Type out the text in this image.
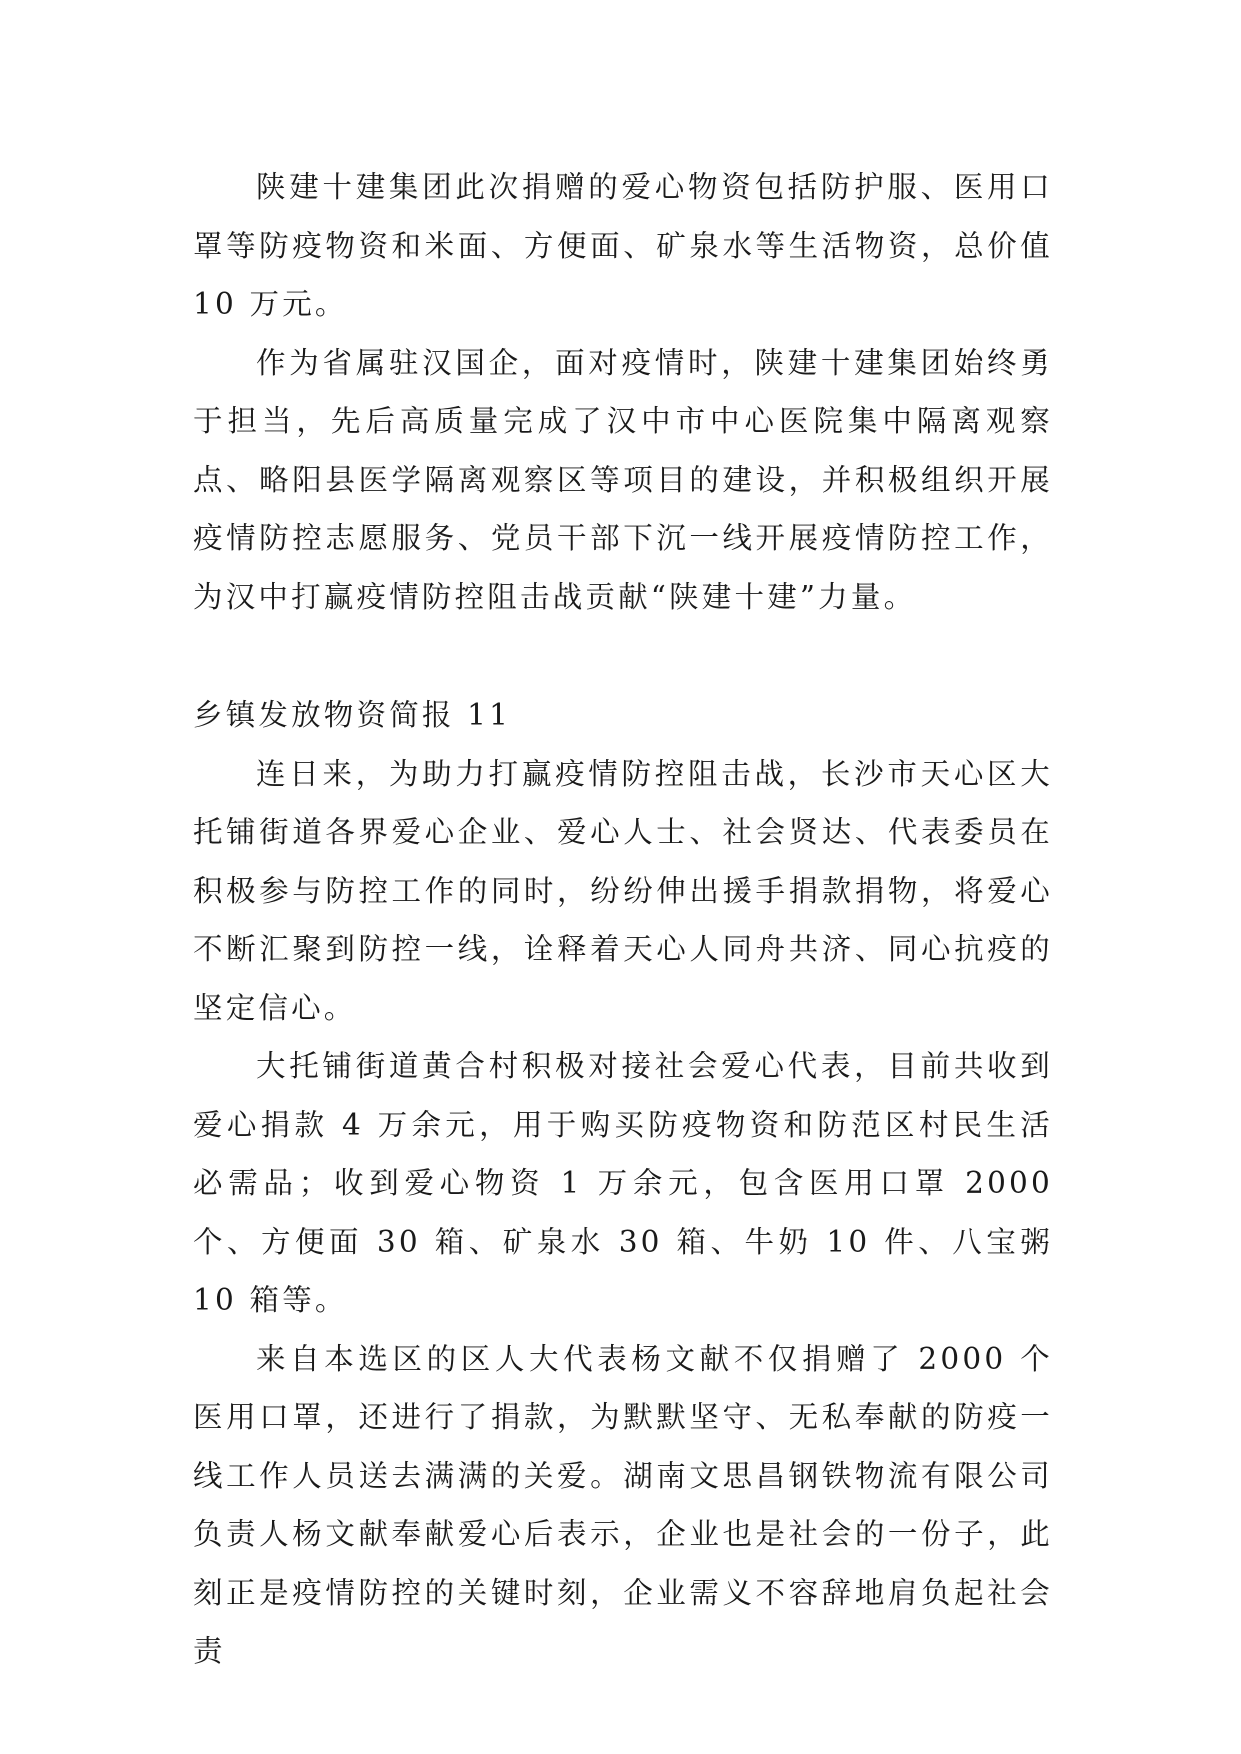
陕建十建集团此次捐赠的爱心物资包括防护服、医用口罩等防疫物资和米面、方便面、矿泉水等生活物资，总价值 10 万元。

作为省属驻汉国企，面对疫情时，陕建十建集团始终勇于担当，先后高质量完成了汉中市中心医院集中隔离观察点、略阳县医学隔离观察区等项目的建设，并积极组织开展疫情防控志愿服务、党员干部下沉一线开展疫情防控工作，为汉中打赢疫情防控阻击战贡献“陕建十建”力量。

乡镇发放物资简报 11

连日来，为助力打赢疫情防控阻击战，长沙市天心区大托铺街道各界爱心企业、爱心人士、社会贤达、代表委员在积极参与防控工作的同时，纷纷伸出援手捐款捐物，将爱心不断汇聚到防控一线，诠释着天心人同舟共济、同心抗疫的坚定信心。

大托铺街道黄合村积极对接社会爱心代表，目前共收到爱心捐款 4 万余元，用于购买防疫物资和防范区村民生活必需品；收到爱心物资 1 万余元，包含医用口罩 2000 个、方便面 30 箱、矿泉水 30 箱、牛奶 10 件、八宝粥 10 箱等。

来自本选区的区人大代表杨文献不仅捐赠了 2000 个医用口罩，还进行了捐款，为默默坚守、无私奉献的防疫一线工作人员送去满满的关爱。湖南文思昌钢铁物流有限公司负责人杨文献奉献爱心后表示，企业也是社会的一份子，此刻正是疫情防控的关键时刻，企业需义不容辞地肩负起社会责
